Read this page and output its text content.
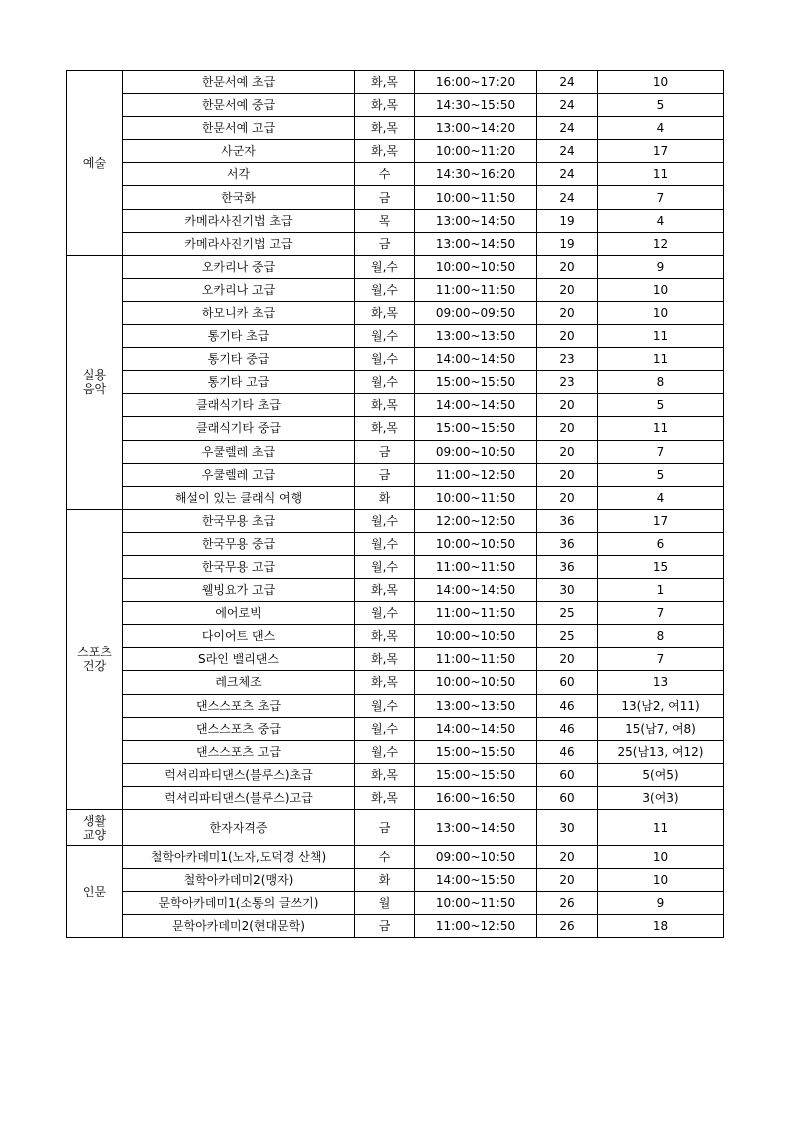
예술	한문서예 초급	화,목	16:00~17:20	24	10
	한문서예 중급	화,목	14:30~15:50	24	5
	한문서예 고급	화,목	13:00~14:20	24	4
	사군자	화,목	10:00~11:20	24	17
	서각	수	14:30~16:20	24	11
	한국화	금	10:00~11:50	24	7
	카메라사진기법 초급	목	13:00~14:50	19	4
	카메라사진기법 고급	금	13:00~14:50	19	12

실용
음악	오카리나 중급	월,수	10:00~10:50	20	9
	오카리나 고급	월,수	11:00~11:50	20	10
	하모니카 초급	화,목	09:00~09:50	20	10
	통기타 초급	월,수	13:00~13:50	20	11
	통기타 중급	월,수	14:00~14:50	23	11
	통기타 고급	월,수	15:00~15:50	23	8
	클래식기타 초급	화,목	14:00~14:50	20	5
	클래식기타 중급	화,목	15:00~15:50	20	11
	우쿨렐레 초급	금	09:00~10:50	20	7
	우쿨렐레 고급	금	11:00~12:50	20	5
	해설이 있는 클래식 여행	화	10:00~11:50	20	4

스포츠
건강	한국무용 초급	월,수	12:00~12:50	36	17
	한국무용 중급	월,수	10:00~10:50	36	6
	한국무용 고급	월,수	11:00~11:50	36	15
	웰빙요가 고급	화,목	14:00~14:50	30	1
	에어로빅	월,수	11:00~11:50	25	7
	다이어트 댄스	화,목	10:00~10:50	25	8
	S라인 밸리댄스	화,목	11:00~11:50	20	7
	레크체조	화,목	10:00~10:50	60	13
	댄스스포츠 초급	월,수	13:00~13:50	46	13(남2, 여11)
	댄스스포츠 중급	월,수	14:00~14:50	46	15(남7, 여8)
	댄스스포츠 고급	월,수	15:00~15:50	46	25(남13, 여12)
	럭셔리파티댄스(블루스)초급	화,목	15:00~15:50	60	5(여5)
	럭셔리파티댄스(블루스)고급	화,목	16:00~16:50	60	3(여3)

생활
교양	한자자격증	금	13:00~14:50	30	11

인문	철학아카데미1(노자,도덕경 산책)	수	09:00~10:50	20	10
	철학아카데미2(맹자)	화	14:00~15:50	20	10
	문학아카데미1(소통의 글쓰기)	월	10:00~11:50	26	9
	문학아카데미2(현대문학)	금	11:00~12:50	26	18
